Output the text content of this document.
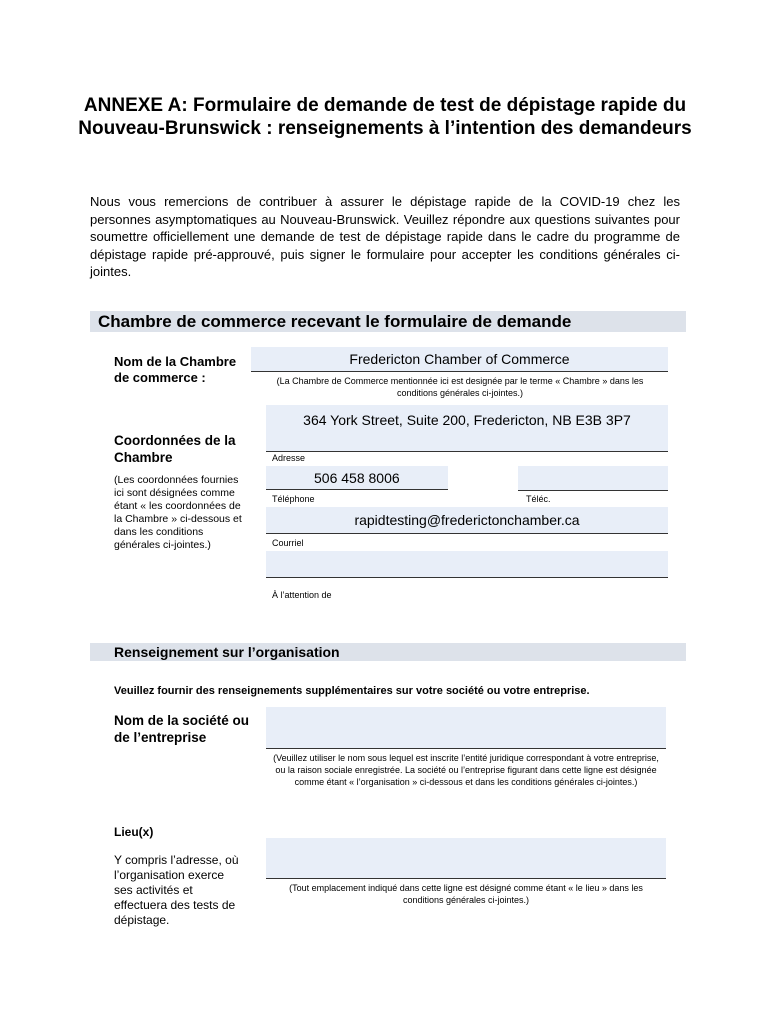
ANNEXE A: Formulaire de demande de test de dépistage rapide du Nouveau-Brunswick : renseignements à l’intention des demandeurs
Nous vous remercions de contribuer à assurer le dépistage rapide de la COVID-19 chez les personnes asymptomatiques au Nouveau-Brunswick. Veuillez répondre aux questions suivantes pour soumettre officiellement une demande de test de dépistage rapide dans le cadre du programme de dépistage rapide pré-approuvé, puis signer le formulaire pour accepter les conditions générales ci-jointes.
Chambre de commerce recevant le formulaire de demande
Nom de la Chambre de commerce :
Fredericton Chamber of Commerce
(La Chambre de Commerce mentionnée ici est designée par le terme « Chambre » dans les conditions générales ci-jointes.)
Coordonnées de la Chambre
(Les coordonnées fournies ici sont désignées comme étant « les coordonnées de la Chambre » ci-dessous et dans les conditions générales ci-jointes.)
364 York Street, Suite 200, Fredericton, NB E3B 3P7
Adresse
506 458 8006
Téléphone	Téléc.
rapidtesting@frederictonchamber.ca
Courriel
À l’attention de
Renseignement sur l’organisation
Veuillez fournir des renseignements supplémentaires sur votre société ou votre entreprise.
Nom de la société ou de l’entreprise
(Veuillez utiliser le nom sous lequel est inscrite l’entité juridique correspondant à votre entreprise, ou la raison sociale enregistrée. La société ou l’entreprise figurant dans cette ligne est désignée comme étant « l’organisation » ci-dessous et dans les conditions générales ci-jointes.)
Lieu(x)
Y compris l’adresse, où l’organisation exerce ses activités et effectuera des tests de dépistage.
(Tout emplacement indiqué dans cette ligne est désigné comme étant « le lieu » dans les conditions générales ci-jointes.)
